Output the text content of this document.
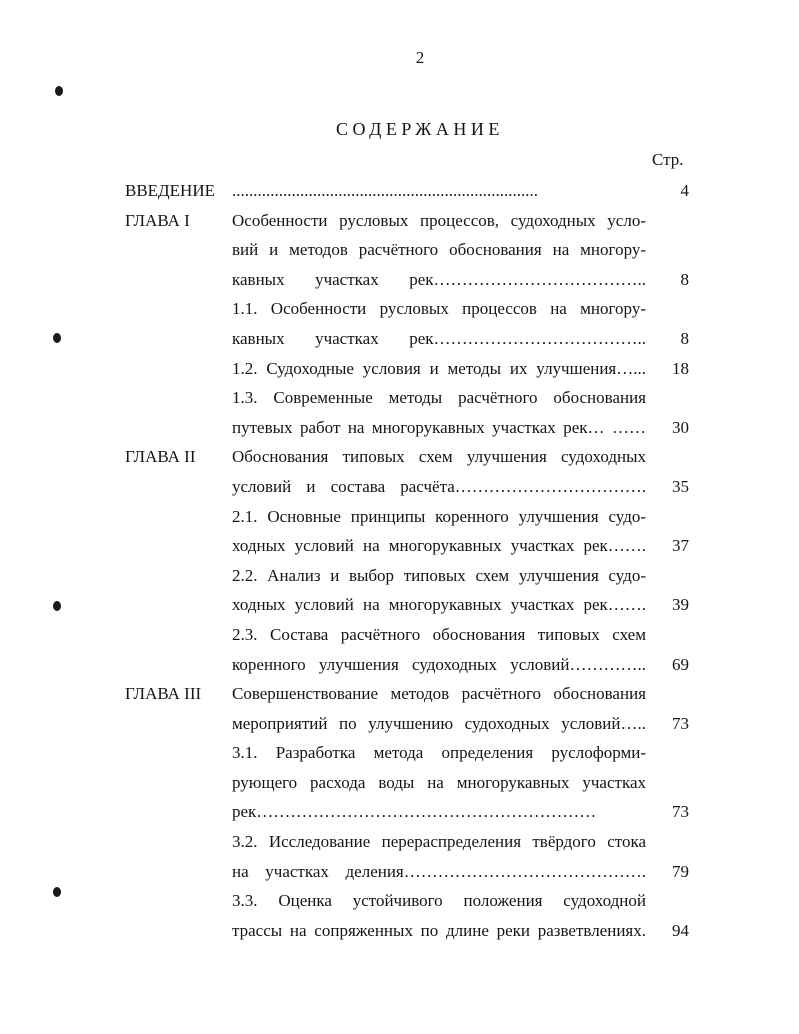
2
СОДЕРЖАНИЕ
Стр.
ВВЕДЕНИЕ ........................................................................	4
ГЛАВА I Особенности русловых процессов, судоходных усло-
вий и методов расчётного обоснования на многору-
кавных участках рек………………………………..	8
1.1. Особенности русловых процессов на многору-
кавных участках рек………………………………..	8
1.2. Судоходные условия и методы их улучшения…...	18
1.3. Современные методы расчётного обоснования
путевых работ на многорукавных участках рек… ……	30
ГЛАВА II Обоснования типовых схем улучшения судоходных
условий и состава расчёта…………………………….	35
2.1. Основные принципы коренного улучшения судо-
ходных условий на многорукавных участках рек…….	37
2.2. Анализ и выбор типовых схем улучшения судо-
ходных условий на многорукавных участках рек…….	39
2.3. Состава расчётного обоснования типовых схем
коренного улучшения судоходных условий…………..	69
ГЛАВА III Совершенствование методов расчётного обоснования
мероприятий по улучшению судоходных условий…..	73
3.1. Разработка метода определения руслоформи-
рующего расхода воды на многорукавных участках
рек……………………………………………………	73
3.2. Исследование перераспределения твёрдого стока
на участках деления…………………………………….	79
3.3. Оценка устойчивого положения судоходной
трассы на сопряженных по длине реки разветвлениях.	94
